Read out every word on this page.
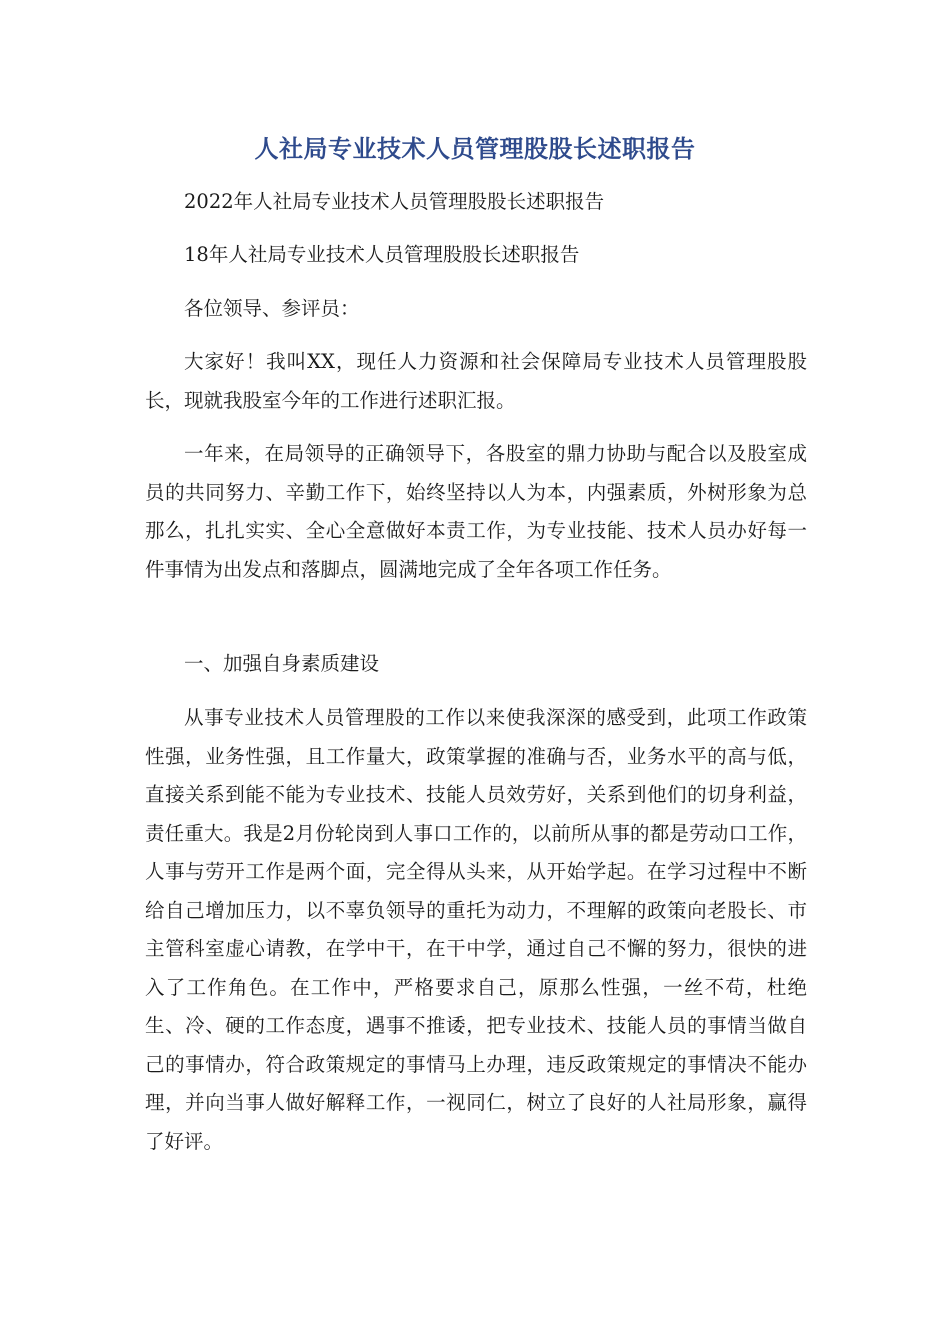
人社局专业技术人员管理股股长述职报告

2022年人社局专业技术人员管理股股长述职报告

18年人社局专业技术人员管理股股长述职报告

各位领导、参评员：

大家好！我叫XX，现任人力资源和社会保障局专业技术人员管理股股长，现就我股室今年的工作进行述职汇报。

一年来，在局领导的正确领导下，各股室的鼎力协助与配合以及股室成员的共同努力、辛勤工作下，始终坚持以人为本，内强素质，外树形象为总那么，扎扎实实、全心全意做好本责工作，为专业技能、技术人员办好每一件事情为出发点和落脚点，圆满地完成了全年各项工作任务。

一、加强自身素质建设

从事专业技术人员管理股的工作以来使我深深的感受到，此项工作政策性强，业务性强，且工作量大，政策掌握的准确与否，业务水平的高与低，直接关系到能不能为专业技术、技能人员效劳好，关系到他们的切身利益，责任重大。我是2月份轮岗到人事口工作的，以前所从事的都是劳动口工作，人事与劳开工作是两个面，完全得从头来，从开始学起。在学习过程中不断给自己增加压力，以不辜负领导的重托为动力，不理解的政策向老股长、市主管科室虚心请教，在学中干，在干中学，通过自己不懈的努力，很快的进入了工作角色。在工作中，严格要求自己，原那么性强，一丝不苟，杜绝生、冷、硬的工作态度，遇事不推诿，把专业技术、技能人员的事情当做自己的事情办，符合政策规定的事情马上办理，违反政策规定的事情决不能办理，并向当事人做好解释工作，一视同仁，树立了良好的人社局形象，赢得了好评。
